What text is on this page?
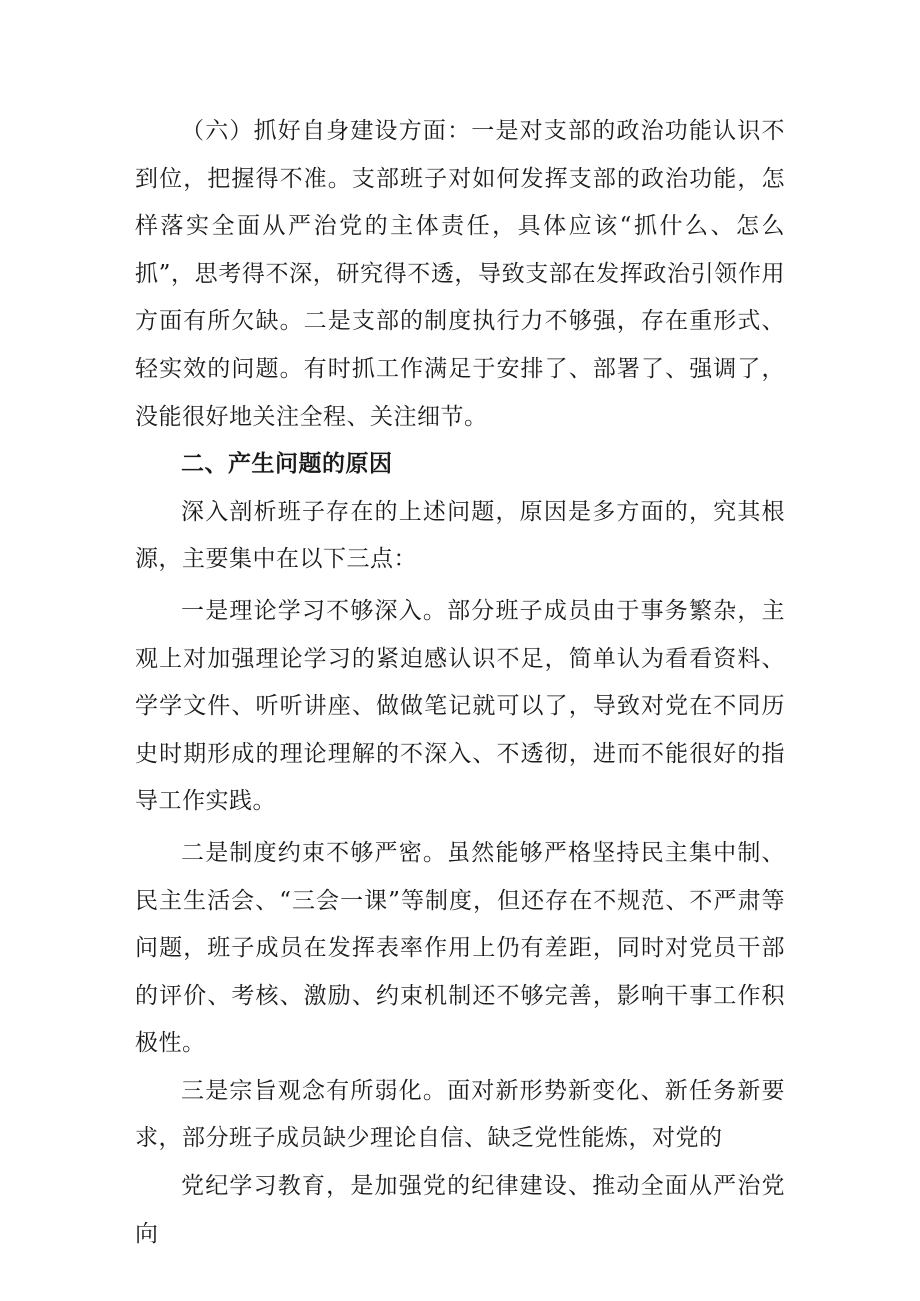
（六）抓好自身建设方面：一是对支部的政治功能认识不到位，把握得不准。支部班子对如何发挥支部的政治功能，怎样落实全面从严治党的主体责任，具体应该“抓什么、怎么抓”，思考得不深，研究得不透，导致支部在发挥政治引领作用方面有所欠缺。二是支部的制度执行力不够强，存在重形式、轻实效的问题。有时抓工作满足于安排了、部署了、强调了，没能很好地关注全程、关注细节。

二、产生问题的原因

深入剖析班子存在的上述问题，原因是多方面的，究其根源，主要集中在以下三点：

一是理论学习不够深入。部分班子成员由于事务繁杂，主观上对加强理论学习的紧迫感认识不足，简单认为看看资料、学学文件、听听讲座、做做笔记就可以了，导致对党在不同历史时期形成的理论理解的不深入、不透彻，进而不能很好的指导工作实践。

二是制度约束不够严密。虽然能够严格坚持民主集中制、民主生活会、“三会一课”等制度，但还存在不规范、不严肃等问题，班子成员在发挥表率作用上仍有差距，同时对党员干部的评价、考核、激励、约束机制还不够完善，影响干事工作积极性。

三是宗旨观念有所弱化。面对新形势新变化、新任务新要求，部分班子成员缺少理论自信、缺乏党性能炼，对党的

党纪学习教育，是加强党的纪律建设、推动全面从严治党向
